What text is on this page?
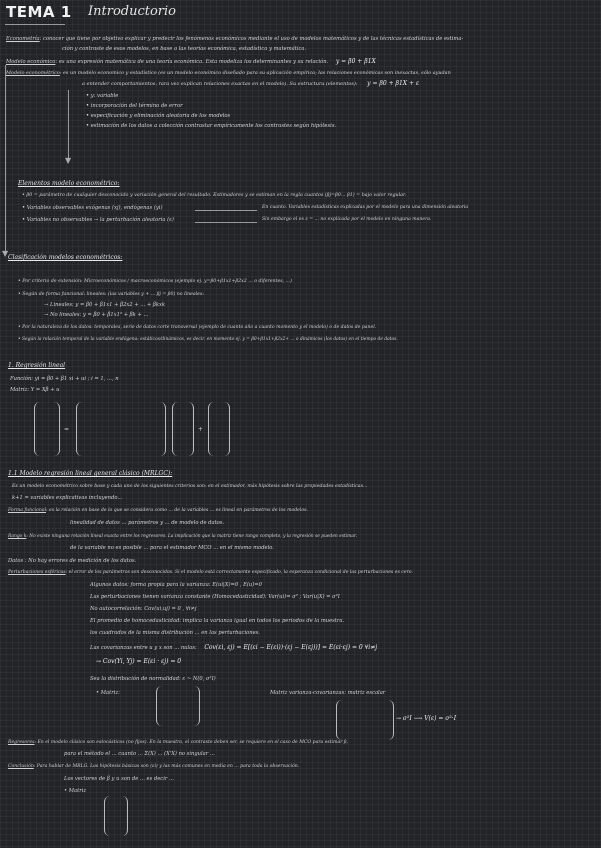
TEMA 1 Introductorio
Econometría: conocer que tiene por objetivo explicar y predecir los fenómenos económicos mediante el uso de modelos matemáticos y de las técnicas estadísticas de estima-
ción y contraste de esos modelos, en base a las teorías económica, estadística y matemática.
Modelo económico: es una expresión matemática de una teoría económica. Esta modeliza los determinantes y su relación. y = β0 + β1X
Modelo econométrico: es un modelo economico y estadístico (es un modelo económico diseñado para su aplicación empírica; las relaciones económicas son inexactas, sólo ayudan
a entender comportamientos, rara vez explican relaciones exactas en el modelo). Su estructura (elementos): y = β0 + β1X + ε
• y: variable
• incorporación del término de error
• especificación y eliminación aleatoria de los modelos
• estimación de los datos a colección contrastar empíricamente los contrastes según hipótesis.
▼
▼
Elementos modelo econométrico:
• β0 = parámetro de cualquier desconocido y variación general del resultado. Estimadores y se estiman en la regla cuantos (βj=β0... β1) = bajo valor regular.
• Variables observables exógenas (xj), endógenas (yi)
• Variables no observables → la perturbación aleatoria (ε)
En cuanto. Variables estadísticas explicadas por el modelo para una dimensión aleatoria
Sin embargo el es ε = ... no explicada por el modelo en ninguna manera.
Clasificación modelos econométricos:
• Por criterio de extensión: Microeconómicos / macroeconómicos (ejemplo ej. y=β0+β1x1+β2x2 ... o diferentes, ...)
• Según de forma funcional: lineales: (las variables y + ... βj = β0) no lineales:
→ Lineales: y = β0 + β1x1 + β2x2 + ... + βkxk
→ No lineales: y = β0 + β1x1² + βk + ...
• Por la naturaleza de los datos: temporales, serie de datos corte transversal (ejemplo de cuanto año a cuanto momento y el modelo) o de datos de panel.
• Según la relación temporal de la variable endógena: estáticos/dinámicos, es decir, en momento ej. y = β0+β1x1+β2x2+ ... o dinámicos (los datos) en el tiempo de datos.
1. Regresión lineal
Función: yi = β0 + β1 xi + ui ; i = 1, ..., n
Matriz: Y = Xβ + u
=	+
1.1 Modelo regresión lineal general clásico (MRLGC):
Es un modelo econométrico sobre base y cada uno de los siguientes criterios son: en el estimador, más hipótesis sobre las propiedades estadísticas...
k+1 = variables explicativas incluyendo...
Forma funcional: es la relación en base de lo que se considera como ... de la variables ... es lineal en parámetros de los modelos.
linealidad de datos ... parámetros y ... de modelo de datos.
Rango k: No existe ninguna relación lineal exacta entre los regresores. La implicación que la matriz tiene rango completo, y la regresión se pueden estimar.
de la variable no es posible ... para el estimador MCO ... en el mismo modelo.
Datos : No hay errores de medición de los datos.
Perturbaciones esféricas: el error de los parámetros son desconocidos. Si el modelo está correctamente especificado, la esperanza condicional de las perturbaciones es cero.
Algunos datos: forma propia para la varianza: E(ui|X)=0 , E(u)=0
Las perturbaciones tienen varianza constante (Homocedasticidad): Var(ui)= σ² ; Var(u|X) = σ²I
No autocorrelación: Cov(ui,uj) = 0 , ∀i≠j
El promedio de homocedasticidad: implica la varianza igual en todos los periodos de la muestra.
los cuadrados de la misma distribución ... en las perturbaciones.
Las covarianzas entre u y x son ... nulas: Cov(εi, εj) = E[(εi − E(εi))·(εj − E(εj))] = E(εi·εj) = 0 ∀i≠j
→ Cov(Yi, Yj) = E(εi · εj) = 0
Sea la distribución de normalidad: ε ~ N(0, σ²I)
• Matriz:	Matriz varianza-covarianzas: matriz escalar
→ σ²I ⟶ V(ε) = σ²·I
Regresores: En el modelo clásico son estocásticos (no fijos). En la muestra, el contraste deben ser, se requiere en el caso de MCO para estimar β,
para el método el ... cuanto ... Σ(X) ... (X'X) no singular ...
Conclusión: Para hablar de MRLG. Las hipótesis básicas son (εi) y las más comunes en media en ... para toda la observación.
Los vectores de β y u son de ... es decir ...
• Matriz
